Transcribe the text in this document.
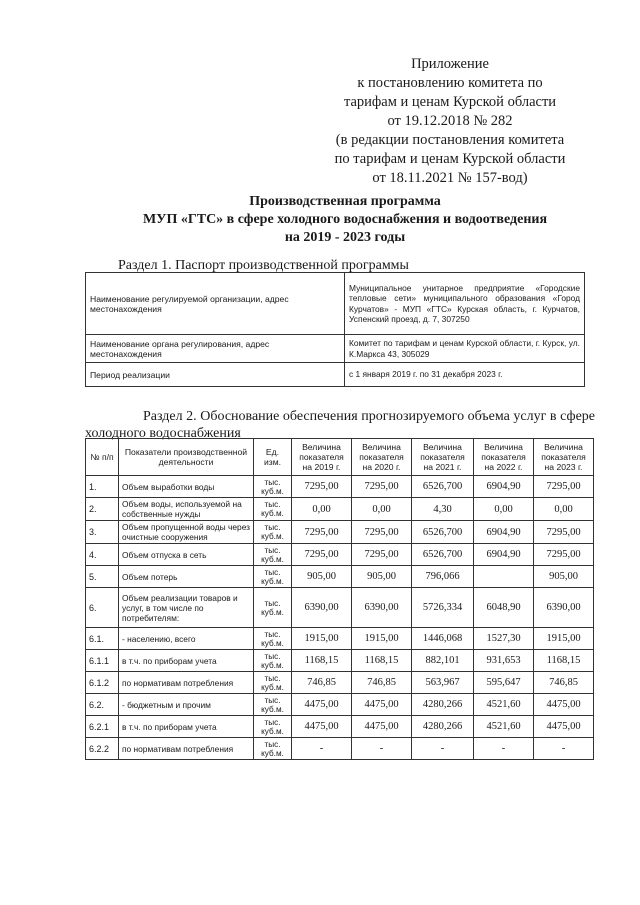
Приложение
к постановлению комитета по
тарифам и ценам Курской области
от 19.12.2018 № 282
(в редакции постановления комитета
по тарифам и ценам Курской области
от 18.11.2021 № 157-вод)
Производственная программа
МУП «ГТС» в сфере холодного водоснабжения и водоотведения
на 2019 - 2023 годы
Раздел 1. Паспорт производственной программы
Наименование регулируемой организации, адрес местонахождения	Муниципальное унитарное предприятие «Городские тепловые сети» муниципального образования «Город Курчатов» - МУП «ГТС» Курская область, г. Курчатов, Успенский проезд, д. 7, 307250
Наименование органа регулирования, адрес местонахождения	Комитет по тарифам и ценам Курской области, г. Курск, ул. К.Маркса 43, 305029
Период реализации	с 1 января 2019 г. по 31 декабря 2023 г.
Раздел 2. Обоснование обеспечения прогнозируемого объема услуг в сфере холодного водоснабжения
№ п/п	Показатели производственной деятельности	Ед. изм.	Величина показателя на 2019 г.	Величина показателя на 2020 г.	Величина показателя на 2021 г.	Величина показателя на 2022 г.	Величина показателя на 2023 г.
1.	Объем выработки воды	тыс. куб.м.	7295,00	7295,00	6526,700	6904,90	7295,00
2.	Объем воды, используемой на собственные нужды	тыс. куб.м.	0,00	0,00	4,30	0,00	0,00
3.	Объем пропущенной воды через очистные сооружения	тыс. куб.м.	7295,00	7295,00	6526,700	6904,90	7295,00
4.	Объем отпуска в сеть	тыс. куб.м.	7295,00	7295,00	6526,700	6904,90	7295,00
5.	Объем потерь	тыс. куб.м.	905,00	905,00	796,066		905,00
6.	Объем реализации товаров и услуг, в том числе по потребителям:	тыс. куб.м.	6390,00	6390,00	5726,334	6048,90	6390,00
6.1.	- населению, всего	тыс. куб.м.	1915,00	1915,00	1446,068	1527,30	1915,00
6.1.1	в т.ч. по приборам учета	тыс. куб.м.	1168,15	1168,15	882,101	931,653	1168,15
6.1.2	по нормативам потребления	тыс. куб.м.	746,85	746,85	563,967	595,647	746,85
6.2.	- бюджетным и прочим	тыс. куб.м.	4475,00	4475,00	4280,266	4521,60	4475,00
6.2.1	в т.ч. по приборам учета	тыс. куб.м.	4475,00	4475,00	4280,266	4521,60	4475,00
6.2.2	по нормативам потребления	тыс. куб.м.	-	-	-	-	-
